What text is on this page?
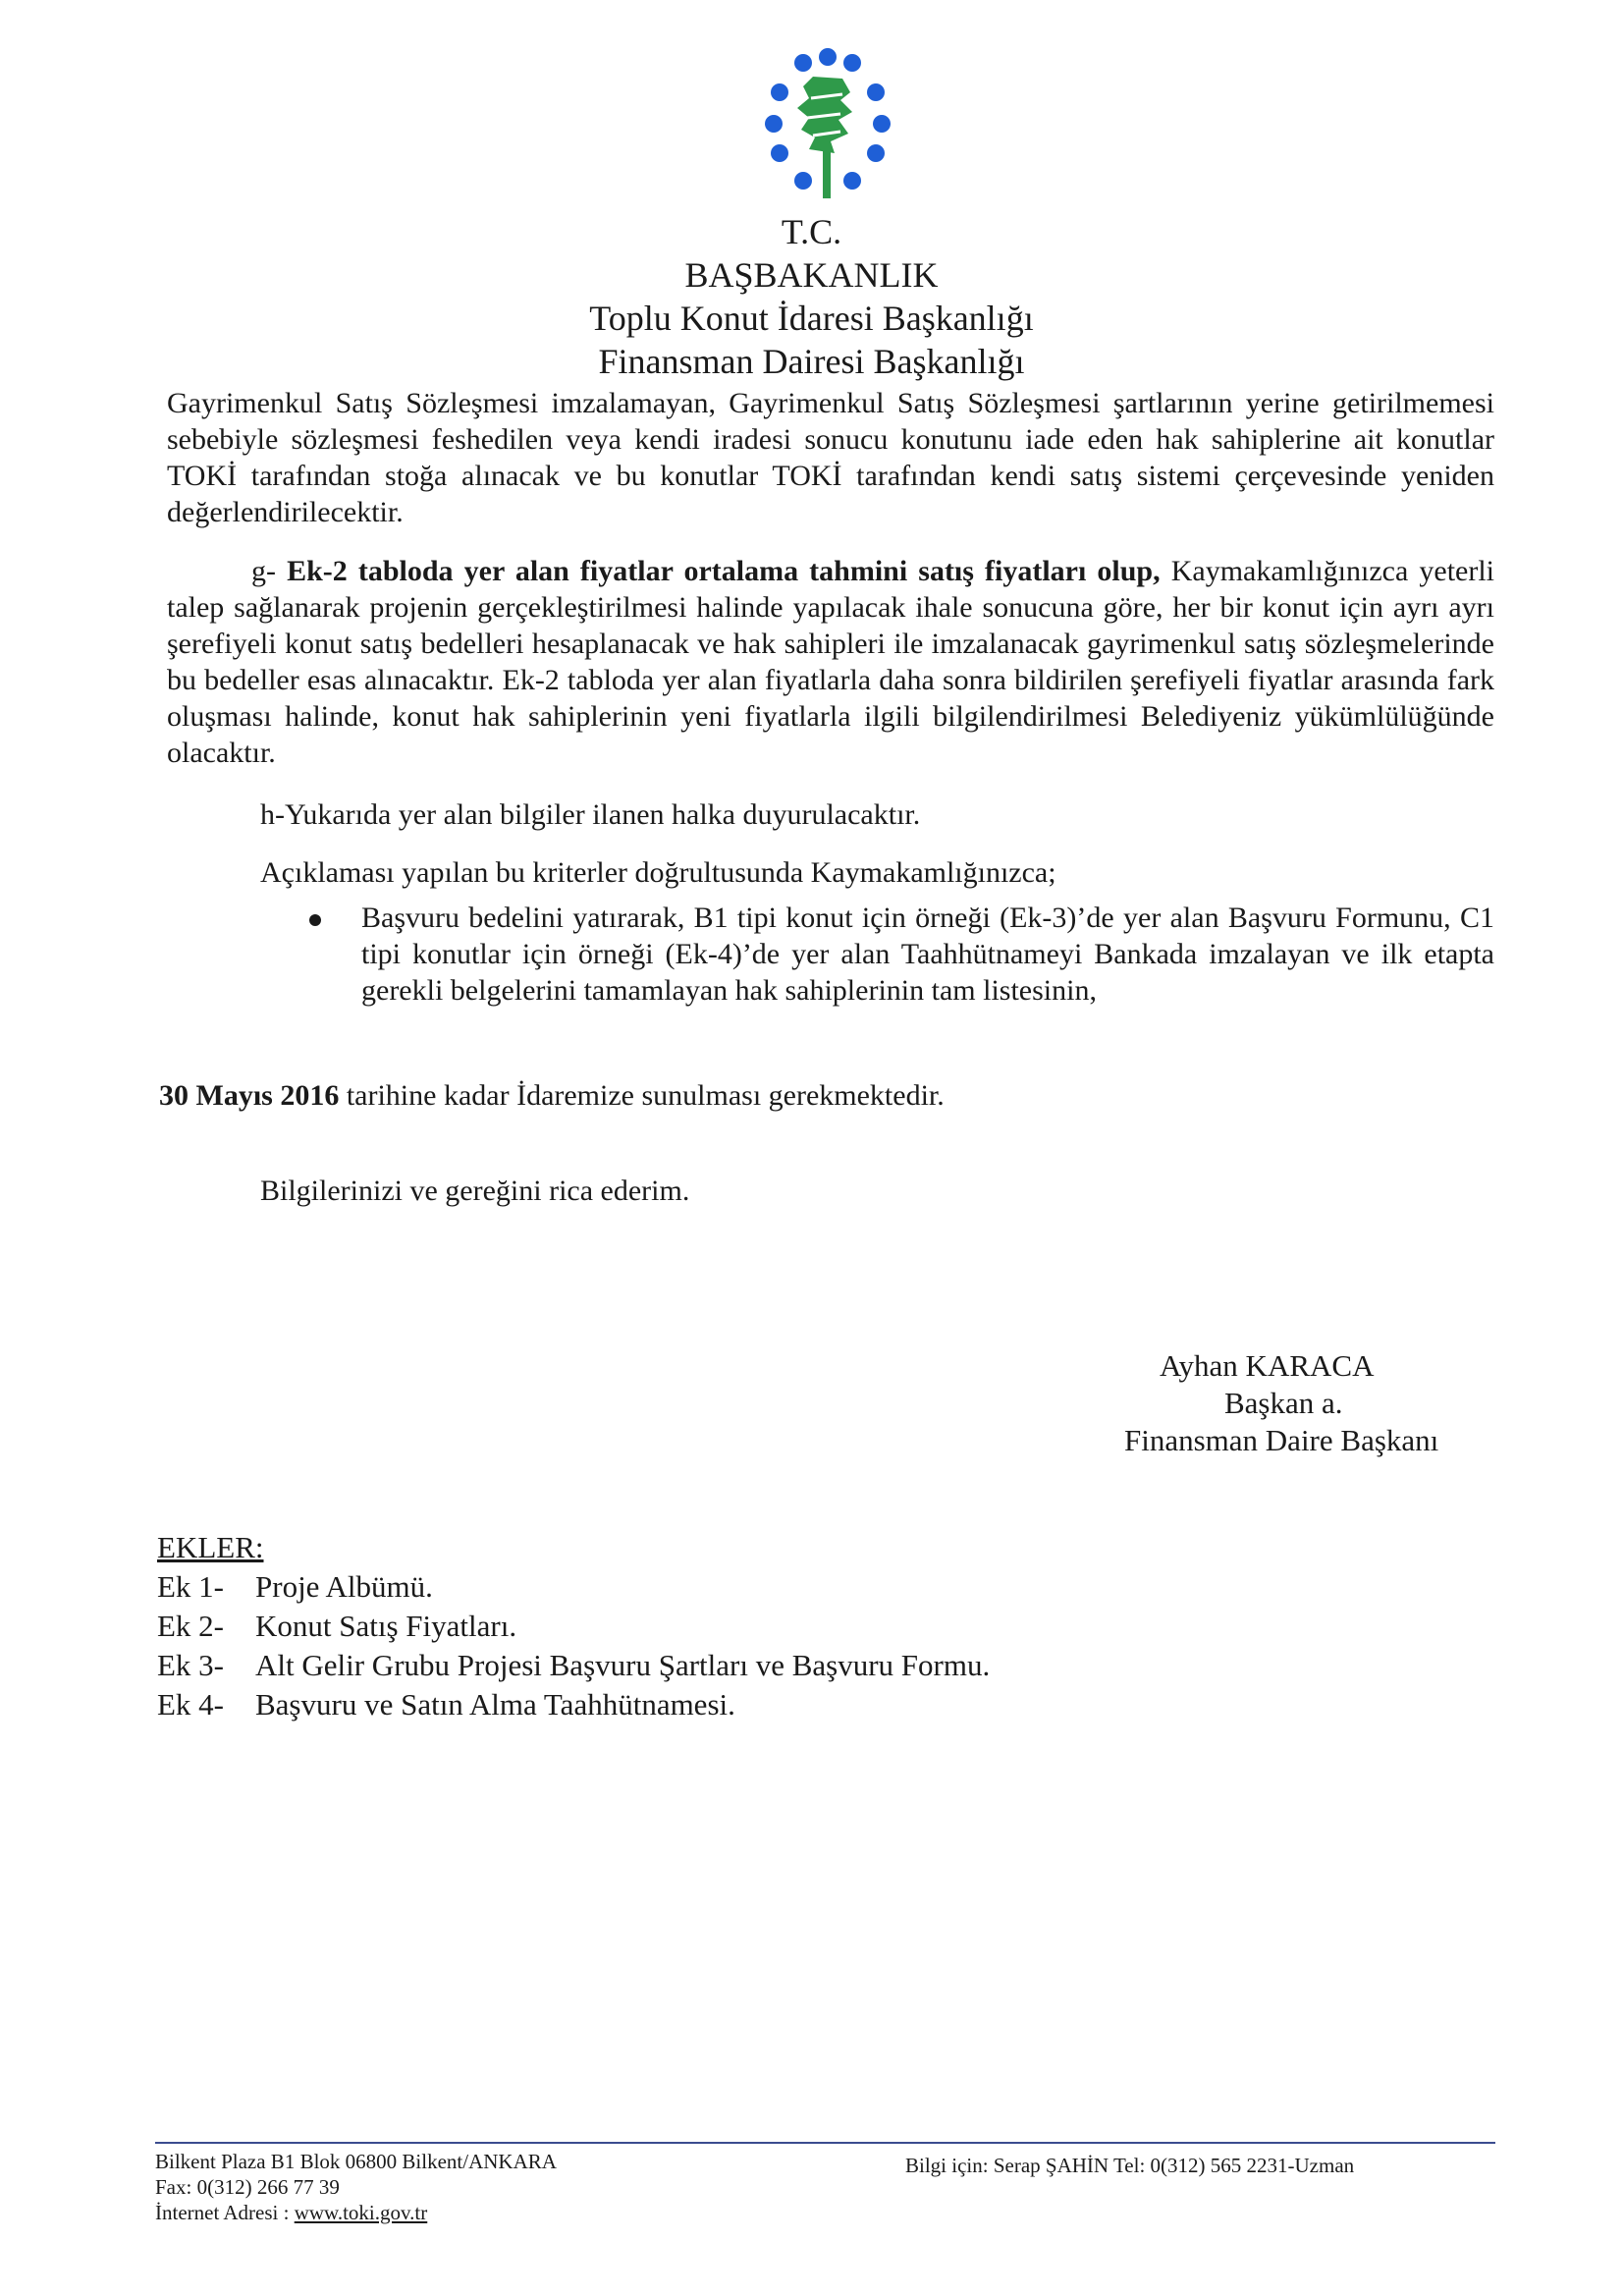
T.C.
BAŞBAKANLIK
Toplu Konut İdaresi Başkanlığı
Finansman Dairesi Başkanlığı
Gayrimenkul Satış Sözleşmesi imzalamayan, Gayrimenkul Satış Sözleşmesi şartlarının yerine getirilmemesi sebebiyle sözleşmesi feshedilen veya kendi iradesi sonucu konutunu iade eden hak sahiplerine ait konutlar TOKİ tarafından stoğa alınacak ve bu konutlar TOKİ tarafından kendi satış sistemi çerçevesinde yeniden değerlendirilecektir.
g- Ek-2 tabloda yer alan fiyatlar ortalama tahmini satış fiyatları olup, Kaymakamlığınızca yeterli talep sağlanarak projenin gerçekleştirilmesi halinde yapılacak ihale sonucuna göre, her bir konut için ayrı ayrı şerefiyeli konut satış bedelleri hesaplanacak ve hak sahipleri ile imzalanacak gayrimenkul satış sözleşmelerinde bu bedeller esas alınacaktır. Ek-2 tabloda yer alan fiyatlarla daha sonra bildirilen şerefiyeli fiyatlar arasında fark oluşması halinde, konut hak sahiplerinin yeni fiyatlarla ilgili bilgilendirilmesi Belediyeniz yükümlülüğünde olacaktır.
h-Yukarıda yer alan bilgiler ilanen halka duyurulacaktır.
Açıklaması yapılan bu kriterler doğrultusunda Kaymakamlığınızca;
Başvuru bedelini yatırarak, B1 tipi konut için örneği (Ek-3)’de yer alan Başvuru Formunu, C1 tipi konutlar için örneği (Ek-4)’de yer alan Taahhütnameyi Bankada imzalayan ve ilk etapta gerekli belgelerini tamamlayan hak sahiplerinin tam listesinin,
30 Mayıs 2016 tarihine kadar İdaremize sunulması gerekmektedir.
Bilgilerinizi ve gereğini rica ederim.
Ayhan KARACA
Başkan a.
Finansman Daire Başkanı
EKLER:
Ek 1- Proje Albümü.
Ek 2- Konut Satış Fiyatları.
Ek 3- Alt Gelir Grubu Projesi Başvuru Şartları ve Başvuru Formu.
Ek 4- Başvuru ve Satın Alma Taahhütnamesi.
Bilkent Plaza B1 Blok 06800 Bilkent/ANKARA
Fax: 0(312) 266 77 39
İnternet Adresi : www.toki.gov.tr
Bilgi için: Serap ŞAHİN Tel: 0(312) 565 2231-Uzman
